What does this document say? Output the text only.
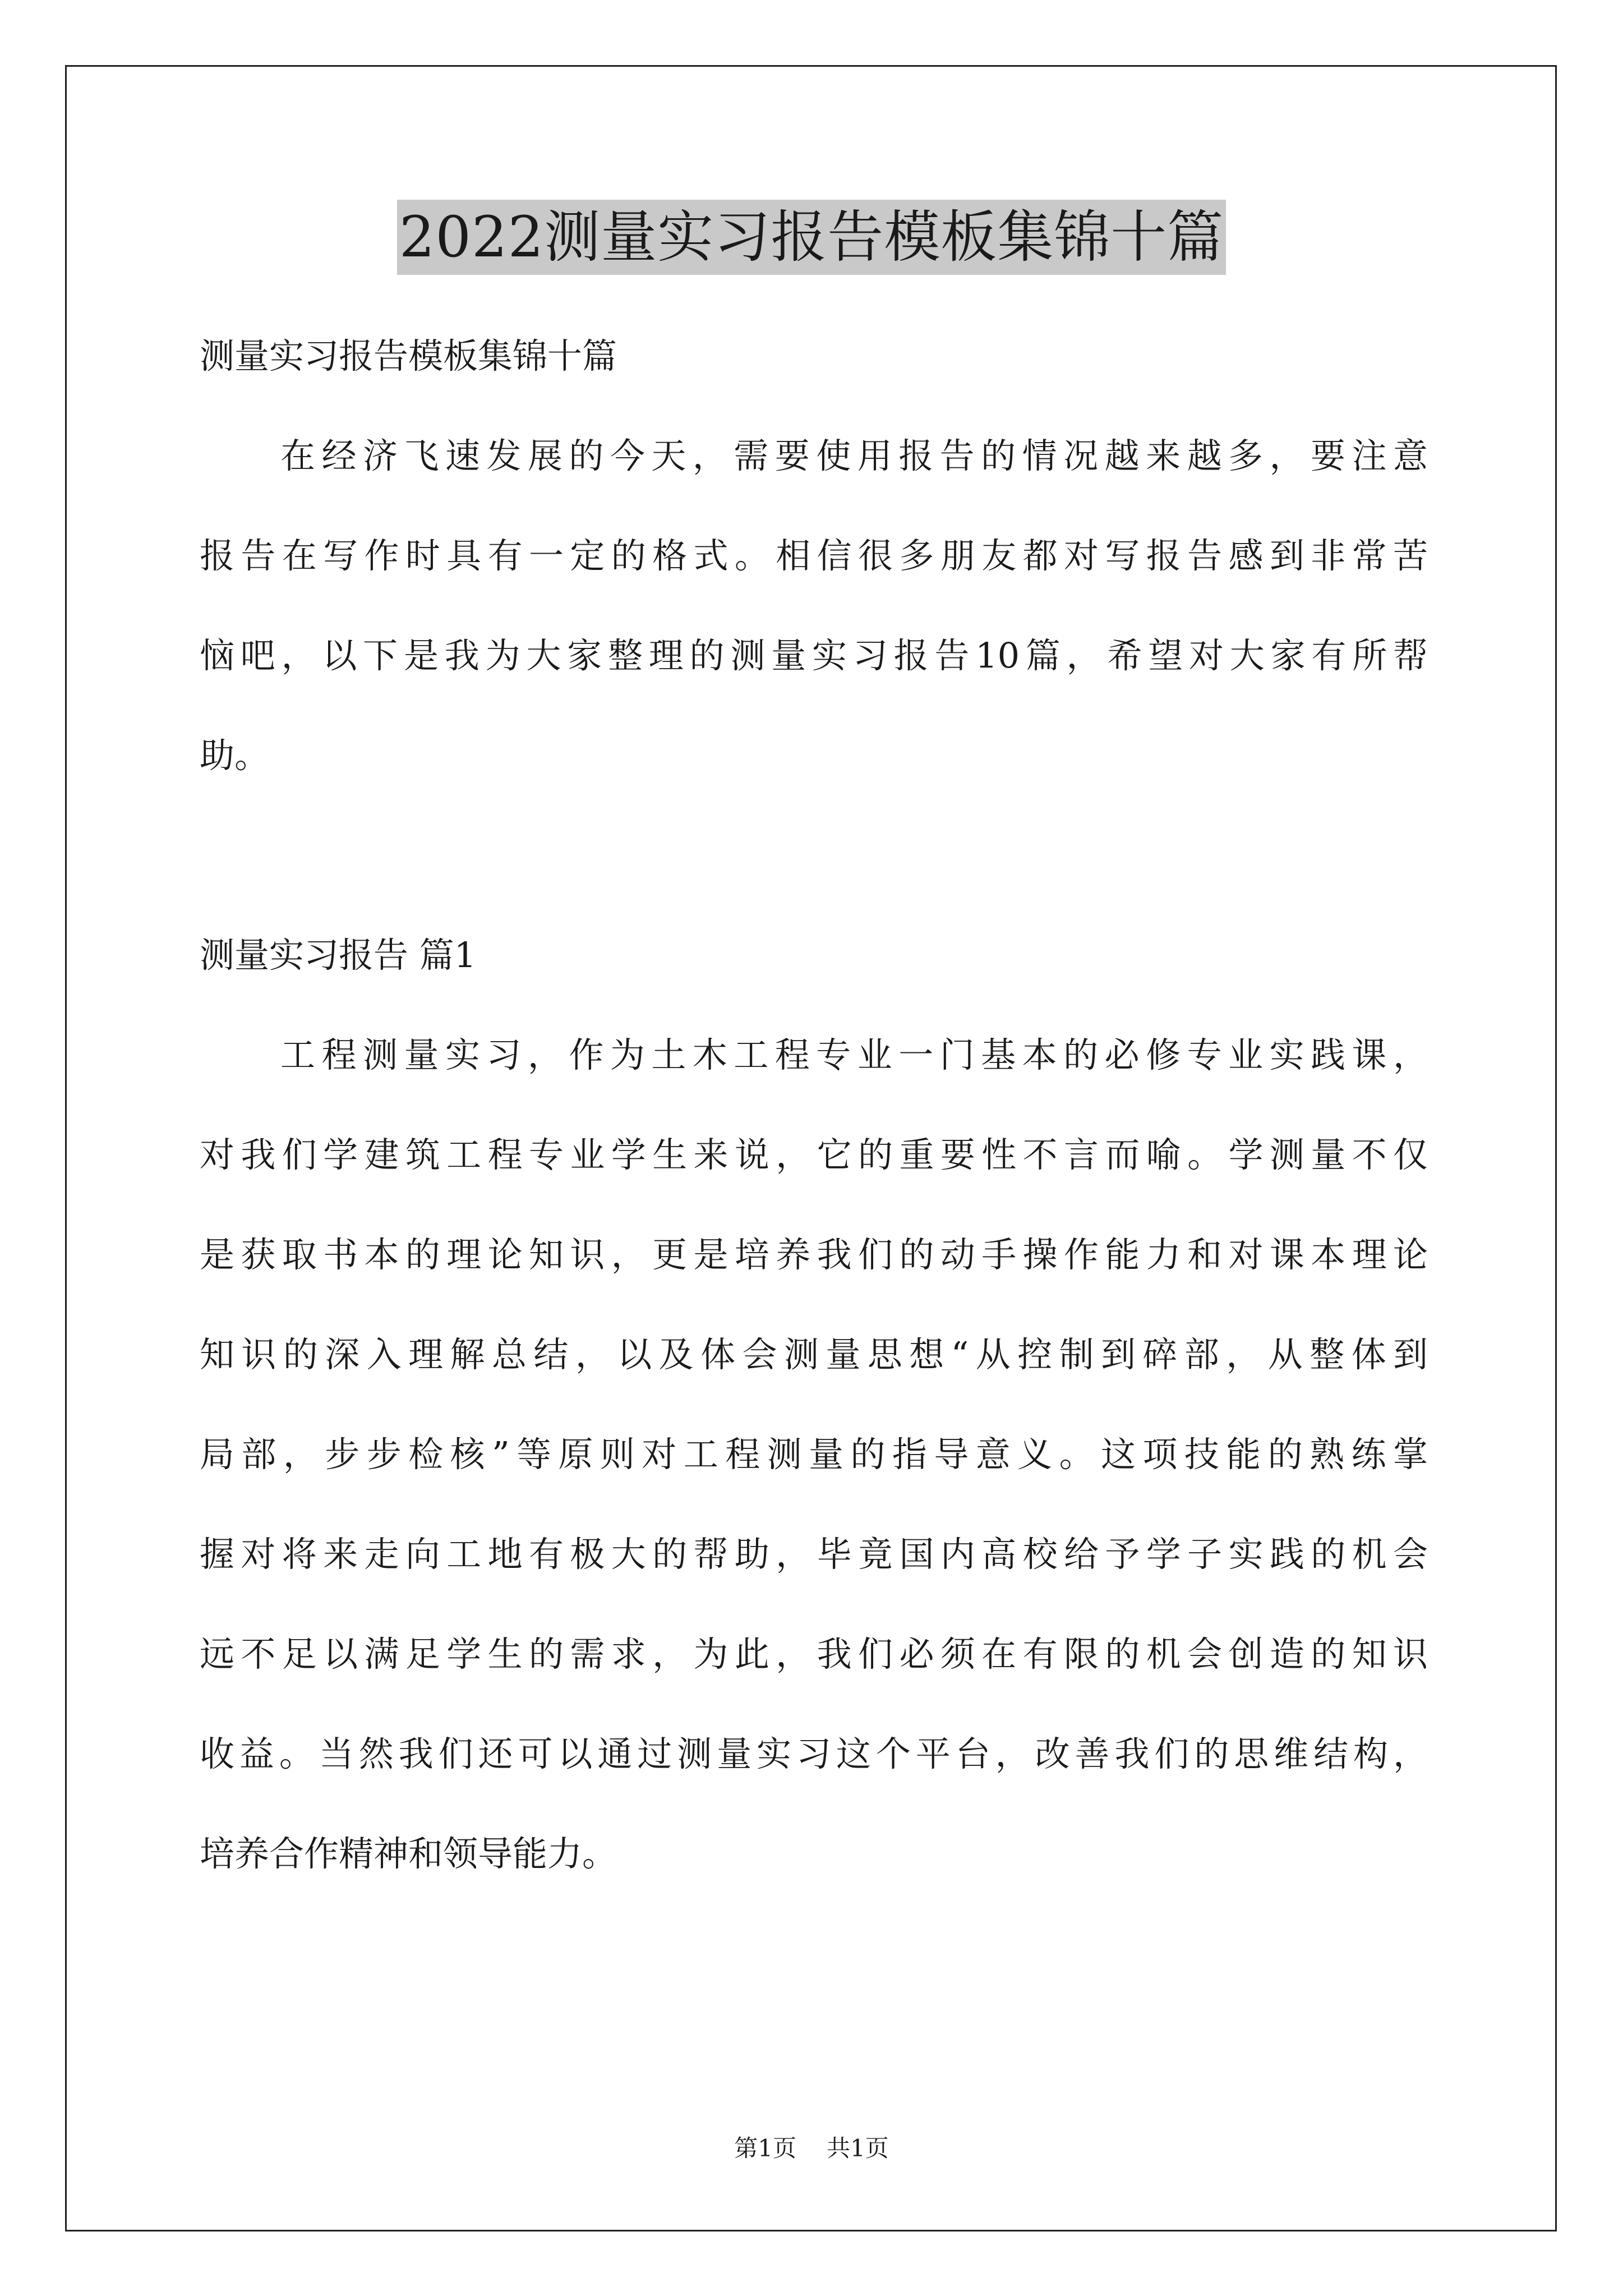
2022测量实习报告模板集锦十篇
测量实习报告模板集锦十篇
在经济飞速发展的今天，需要使用报告的情况越来越多，要注意
报告在写作时具有一定的格式。相信很多朋友都对写报告感到非常苦
恼吧，以下是我为大家整理的测量实习报告10篇，希望对大家有所帮
助。
测量实习报告 篇1
工程测量实习，作为土木工程专业一门基本的必修专业实践课，
对我们学建筑工程专业学生来说，它的重要性不言而喻。学测量不仅
是获取书本的理论知识，更是培养我们的动手操作能力和对课本理论
知识的深入理解总结，以及体会测量思想“从控制到碎部，从整体到
局部，步步检核”等原则对工程测量的指导意义。这项技能的熟练掌
握对将来走向工地有极大的帮助，毕竟国内高校给予学子实践的机会
远不足以满足学生的需求，为此，我们必须在有限的机会创造的知识
收益。当然我们还可以通过测量实习这个平台，改善我们的思维结构，
培养合作精神和领导能力。
第1页 共1页
